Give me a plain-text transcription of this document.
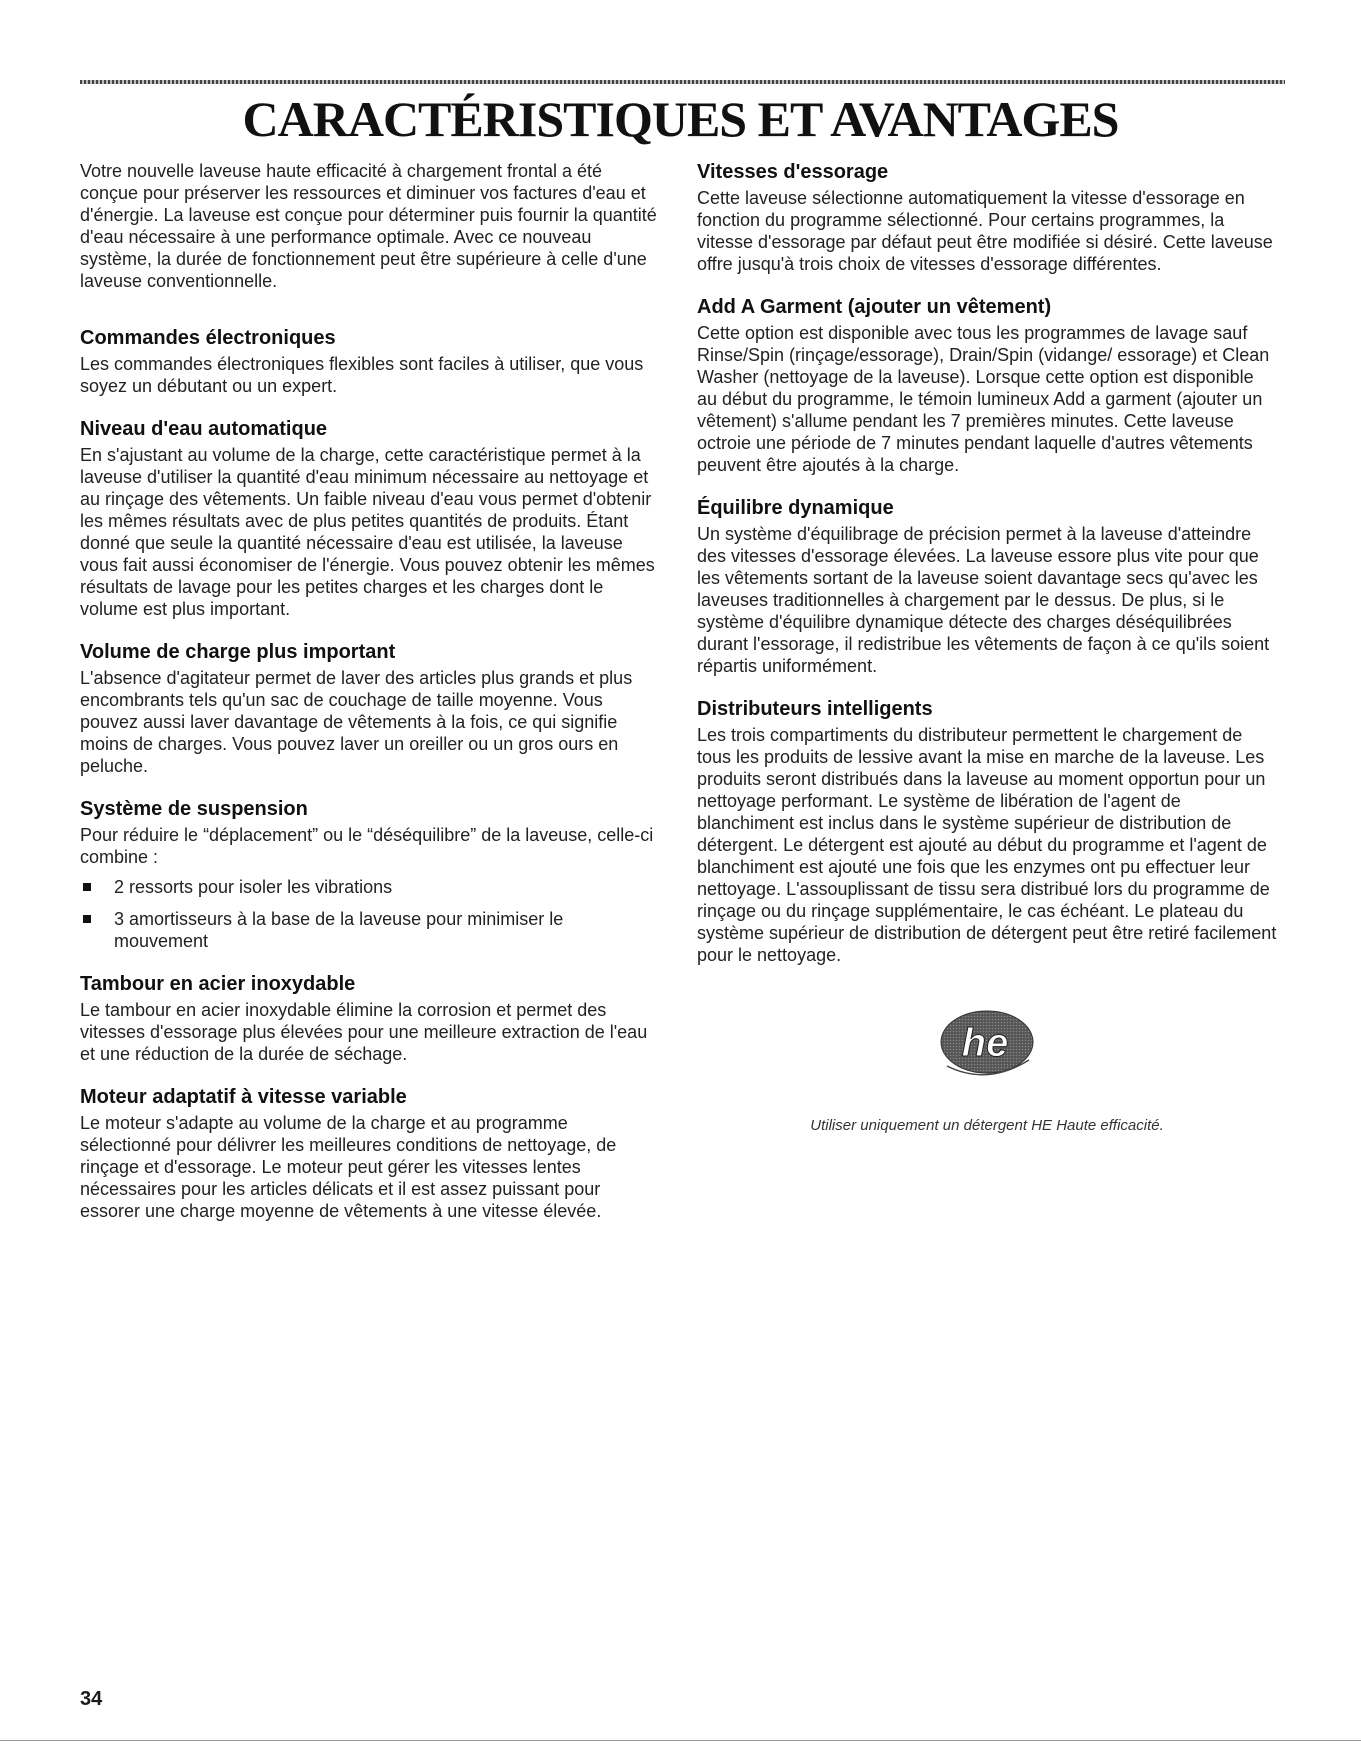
CARACTÉRISTIQUES ET AVANTAGES

Votre nouvelle laveuse haute efficacité à chargement frontal a été conçue pour préserver les ressources et diminuer vos factures d'eau et d'énergie. La laveuse est conçue pour déterminer puis fournir la quantité d'eau nécessaire à une performance optimale. Avec ce nouveau système, la durée de fonctionnement peut être supérieure à celle d'une laveuse conventionnelle.

Commandes électroniques

Les commandes électroniques flexibles sont faciles à utiliser, que vous soyez un débutant ou un expert.

Niveau d'eau automatique

En s'ajustant au volume de la charge, cette caractéristique permet à la laveuse d'utiliser la quantité d'eau minimum nécessaire au nettoyage et au rinçage des vêtements. Un faible niveau d'eau vous permet d'obtenir les mêmes résultats avec de plus petites quantités de produits. Étant donné que seule la quantité nécessaire d'eau est utilisée, la laveuse vous fait aussi économiser de l'énergie. Vous pouvez obtenir les mêmes résultats de lavage pour les petites charges et les charges dont le volume est plus important.

Volume de charge plus important

L'absence d'agitateur permet de laver des articles plus grands et plus encombrants tels qu'un sac de couchage de taille moyenne. Vous pouvez aussi laver davantage de vêtements à la fois, ce qui signifie moins de charges. Vous pouvez laver un oreiller ou un gros ours en peluche.

Système de suspension

Pour réduire le “déplacement” ou le “déséquilibre” de la laveuse, celle-ci combine :

2 ressorts pour isoler les vibrations
3 amortisseurs à la base de la laveuse pour minimiser le mouvement
Tambour en acier inoxydable

Le tambour en acier inoxydable élimine la corrosion et permet des vitesses d'essorage plus élevées pour une meilleure extraction de l'eau et une réduction de la durée de séchage.

Moteur adaptatif à vitesse variable

Le moteur s'adapte au volume de la charge et au programme sélectionné pour délivrer les meilleures conditions de nettoyage, de rinçage et d'essorage. Le moteur peut gérer les vitesses lentes nécessaires pour les articles délicats et il est assez puissant pour essorer une charge moyenne de vêtements à une vitesse élevée.

Vitesses d'essorage

Cette laveuse sélectionne automatiquement la vitesse d'essorage en fonction du programme sélectionné. Pour certains programmes, la vitesse d'essorage par défaut peut être modifiée si désiré. Cette laveuse offre jusqu'à trois choix de vitesses d'essorage différentes.

Add A Garment (ajouter un vêtement)

Cette option est disponible avec tous les programmes de lavage sauf Rinse/Spin (rinçage/essorage), Drain/Spin (vidange/ essorage) et Clean Washer (nettoyage de la laveuse). Lorsque cette option est disponible au début du programme, le témoin lumineux Add a garment (ajouter un vêtement) s'allume pendant les 7 premières minutes. Cette laveuse octroie une période de 7 minutes pendant laquelle d'autres vêtements peuvent être ajoutés à la charge.

Équilibre dynamique

Un système d'équilibrage de précision permet à la laveuse d'atteindre des vitesses d'essorage élevées. La laveuse essore plus vite pour que les vêtements sortant de la laveuse soient davantage secs qu'avec les laveuses traditionnelles à chargement par le dessus. De plus, si le système d'équilibre dynamique détecte des charges déséquilibrées durant l'essorage, il redistribue les vêtements de façon à ce qu'ils soient répartis uniformément.

Distributeurs intelligents

Les trois compartiments du distributeur permettent le chargement de tous les produits de lessive avant la mise en marche de la laveuse. Les produits seront distribués dans la laveuse au moment opportun pour un nettoyage performant. Le système de libération de l'agent de blanchiment est inclus dans le système supérieur de distribution de détergent. Le détergent est ajouté au début du programme et l'agent de blanchiment est ajouté une fois que les enzymes ont pu effectuer leur nettoyage. L'assouplissant de tissu sera distribué lors du programme de rinçage ou du rinçage supplémentaire, le cas échéant. Le plateau du système supérieur de distribution de détergent peut être retiré facilement pour le nettoyage.

he
Utiliser uniquement un détergent HE Haute efficacité.

34
